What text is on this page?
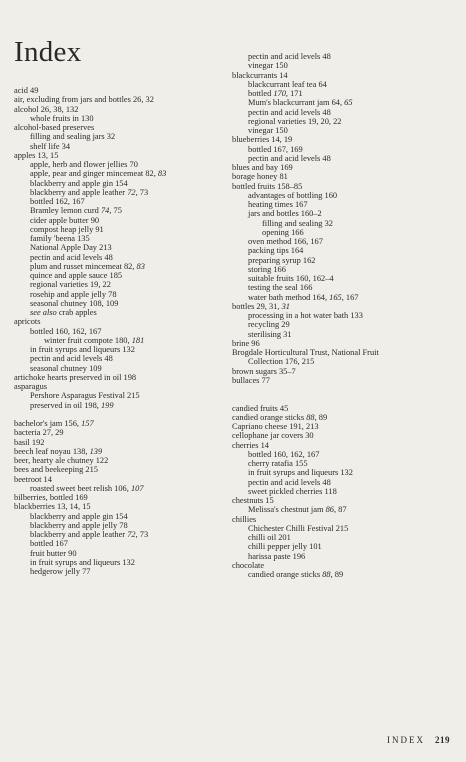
Index
acid 49
air, excluding from jars and bottles 26, 32
alcohol 26, 38, 132
whole fruits in 130
alcohol-based preserves
filling and sealing jars 32
shelf life 34
apples 13, 15
apple, herb and flower jellies 70
apple, pear and ginger mincemeat 82, 83
blackberry and apple gin 154
blackberry and apple leather 72, 73
bottled 162, 167
Bramley lemon curd 74, 75
cider apple butter 90
compost heap jelly 91
family 'beena 135
National Apple Day 213
pectin and acid levels 48
plum and russet mincemeat 82, 83
quince and apple sauce 185
regional varieties 19, 22
rosehip and apple jelly 78
seasonal chutney 108, 109
see also crab apples
apricots
bottled 160, 162, 167
winter fruit compote 180, 181
in fruit syrups and liqueurs 132
pectin and acid levels 48
seasonal chutney 109
artichoke hearts preserved in oil 198
asparagus
Pershore Asparagus Festival 215
preserved in oil 198, 199
bachelor's jam 156, 157
bacteria 27, 29
basil 192
beech leaf noyau 138, 139
beer, hearty ale chutney 122
bees and beekeeping 215
beetroot 14
roasted sweet beet relish 106, 107
bilberries, bottled 169
blackberries 13, 14, 15
blackberry and apple gin 154
blackberry and apple jelly 78
blackberry and apple leather 72, 73
bottled 167
fruit butter 90
in fruit syrups and liqueurs 132
hedgerow jelly 77
pectin and acid levels 48
vinegar 150
blackcurrants 14
blackcurrant leaf tea 64
bottled 170, 171
Mum's blackcurrant jam 64, 65
pectin and acid levels 48
regional varieties 19, 20, 22
vinegar 150
blueberries 14, 19
bottled 167, 169
pectin and acid levels 48
blues and bay 169
borage honey 81
bottled fruits 158–85
advantages of bottling 160
heating times 167
jars and bottles 160–2
filling and sealing 32
opening 166
oven method 166, 167
packing tips 164
preparing syrup 162
storing 166
suitable fruits 160, 162–4
testing the seal 166
water bath method 164, 165, 167
bottles 29, 31, 31
processing in a hot water bath 133
recycling 29
sterilising 31
brine 96
Brogdale Horticultural Trust, National Fruit
Collection 176, 215
brown sugars 35–7
bullaces 77
candied fruits 45
candied orange sticks 88, 89
Capriano cheese 191, 213
cellophane jar covers 30
cherries 14
bottled 160, 162, 167
cherry ratafia 155
in fruit syrups and liqueurs 132
pectin and acid levels 48
sweet pickled cherries 118
chestnuts 15
Melissa's chestnut jam 86, 87
chillies
Chichester Chilli Festival 215
chilli oil 201
chilli pepper jelly 101
harissa paste 196
chocolate
candied orange sticks 88, 89
INDEX 219
